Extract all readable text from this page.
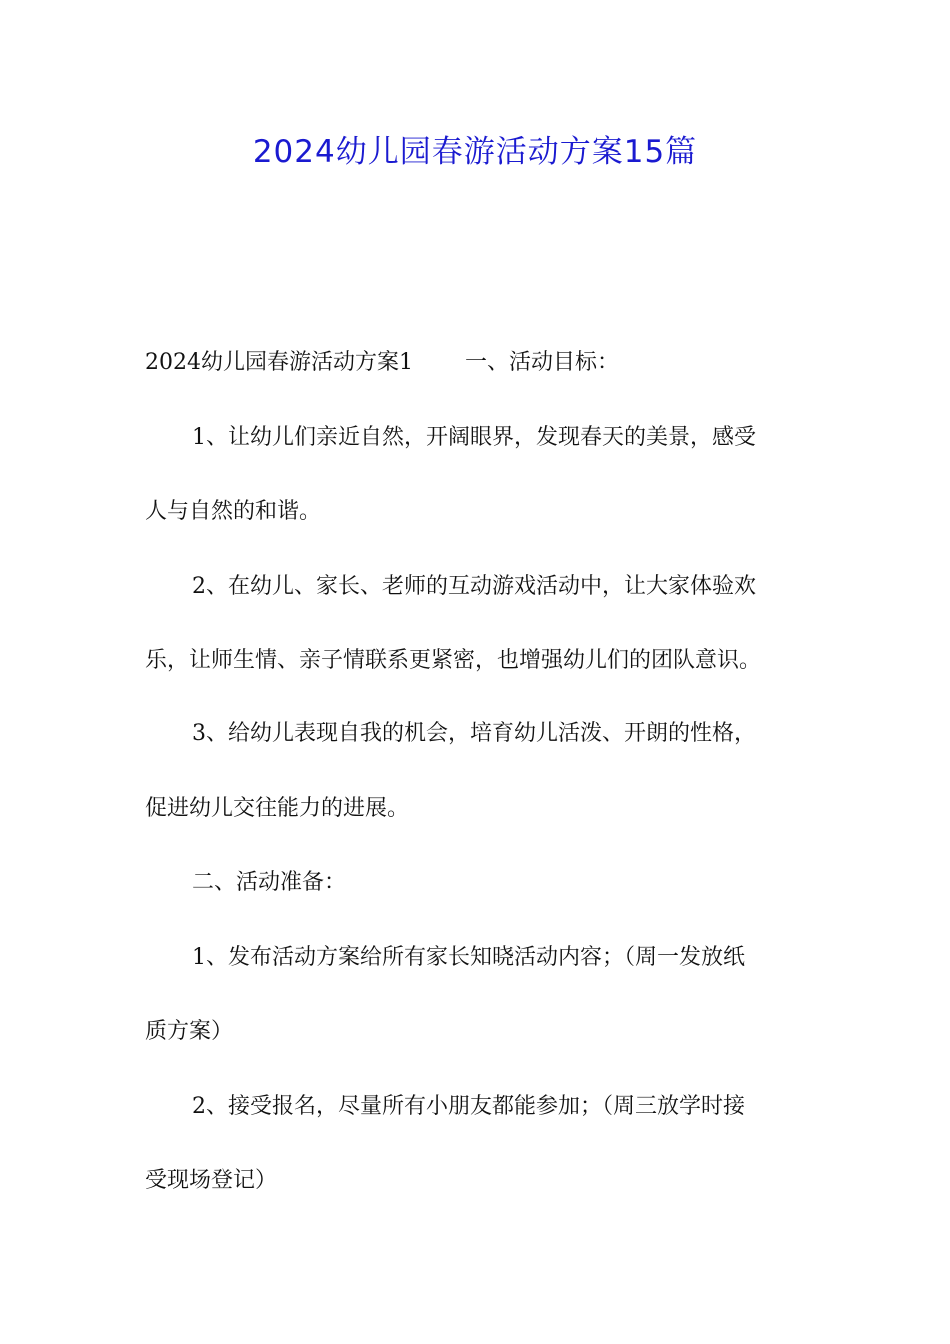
2024幼儿园春游活动方案15篇
2024幼儿园春游活动方案1 一、活动目标：
1、让幼儿们亲近自然，开阔眼界，发现春天的美景，感受
人与自然的和谐。
2、在幼儿、家长、老师的互动游戏活动中，让大家体验欢
乐，让师生情、亲子情联系更紧密，也增强幼儿们的团队意识。
3、给幼儿表现自我的机会，培育幼儿活泼、开朗的性格，
促进幼儿交往能力的进展。
二、活动准备：
1、发布活动方案给所有家长知晓活动内容；（周一发放纸
质方案）
2、接受报名，尽量所有小朋友都能参加；（周三放学时接
受现场登记）
